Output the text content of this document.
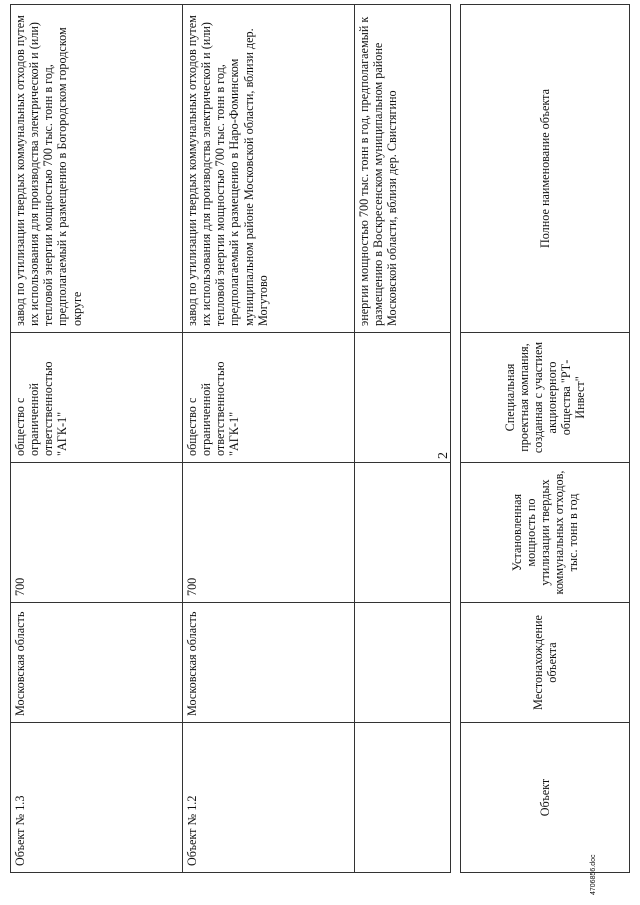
2
Объект	Местонахождение объекта	Установленная мощность по утилизации твердых коммунальных отходов, тыс. тонн в год	Специальная проектная компания, созданная с участием акционерного общества "РТ-Инвест"	Полное наименование объекта
Объект № 1.3	Московская область	700	общество с ограниченной ответственностью "АГК-1"	завод по утилизации твердых коммунальных отходов путем их использования для производства электрической и (или) тепловой энергии мощностью 700 тыс. тонн в год, предполагаемый к размещению в Богородском городском округе
Объект № 1.2	Московская область	700	общество с ограниченной ответственностью "АГК-1"	завод по утилизации твердых коммунальных отходов путем их использования для производства электрической и (или) тепловой энергии мощностью 700 тыс. тонн в год, предполагаемый к размещению в Наро-Фоминском муниципальном районе Московской области, вблизи дер. Могутово
				энергии мощностью 700 тыс. тонн в год, предполагаемый к размещению в Воскресенском муниципальном районе Московской области, вблизи дер. Свистягино
4706856.doc
